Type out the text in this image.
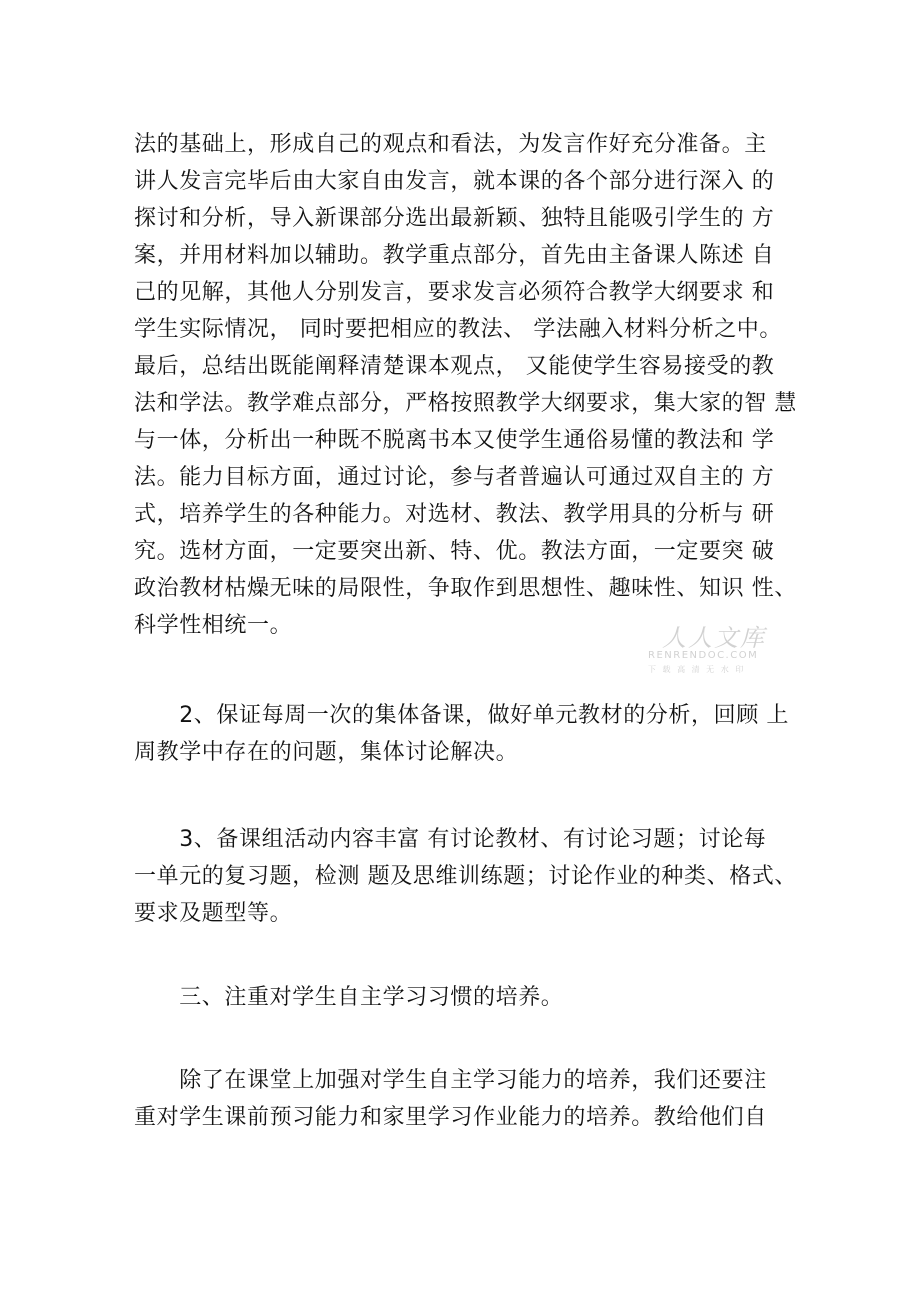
法的基础上，形成自己的观点和看法，为发言作好充分准备。主
讲人发言完毕后由大家自由发言，就本课的各个部分进行深入 的
探讨和分析，导入新课部分选出最新颖、独特且能吸引学生的 方
案，并用材料加以辅助。教学重点部分，首先由主备课人陈述 自
己的见解，其他人分别发言，要求发言必须符合教学大纲要求 和
学生实际情况， 同时要把相应的教法、 学法融入材料分析之中。
最后，总结出既能阐释清楚课本观点， 又能使学生容易接受的教
法和学法。教学难点部分，严格按照教学大纲要求，集大家的智 慧
与一体，分析出一种既不脱离书本又使学生通俗易懂的教法和 学
法。能力目标方面，通过讨论，参与者普遍认可通过双自主的 方
式，培养学生的各种能力。对选材、教法、教学用具的分析与 研
究。选材方面，一定要突出新、特、优。教法方面，一定要突 破
政治教材枯燥无味的局限性，争取作到思想性、趣味性、知识 性、
科学性相统一。
　　2、保证每周一次的集体备课，做好单元教材的分析，回顾 上
周教学中存在的问题，集体讨论解决。
　　3、备课组活动内容丰富 有讨论教材、有讨论习题；讨论每
一单元的复习题，检测 题及思维训练题；讨论作业的种类、格式、
要求及题型等。
　　三、注重对学生自主学习习惯的培养。
　　除了在课堂上加强对学生自主学习能力的培养，我们还要注
重对学生课前预习能力和家里学习作业能力的培养。教给他们自
人人文库
RENRENDOC.COM
下 载 高 清 无 水 印
